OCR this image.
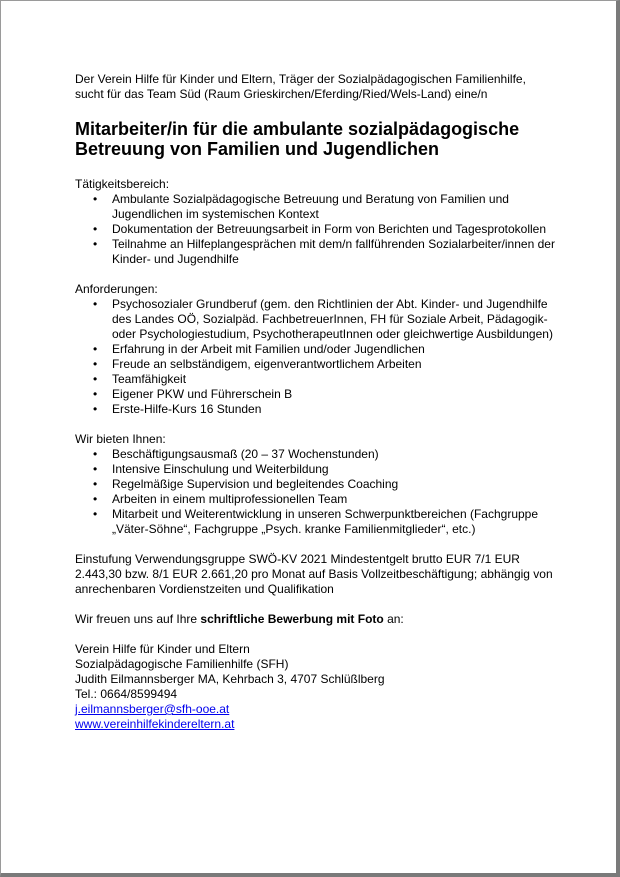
Der Verein Hilfe für Kinder und Eltern, Träger der Sozialpädagogischen Familienhilfe, sucht für das Team Süd (Raum Grieskirchen/Eferding/Ried/Wels-Land) eine/n

Mitarbeiter/in für die ambulante sozialpädagogische Betreuung von Familien und Jugendlichen

Tätigkeitsbereich:

• Ambulante Sozialpädagogische Betreuung und Beratung von Familien und Jugendlichen im systemischen Kontext
• Dokumentation der Betreuungsarbeit in Form von Berichten und Tagesprotokollen
• Teilnahme an Hilfeplangesprächen mit dem/n fallführenden Sozialarbeiter/innen der Kinder- und Jugendhilfe

Anforderungen:

• Psychosozialer Grundberuf (gem. den Richtlinien der Abt. Kinder- und Jugendhilfe des Landes OÖ, Sozialpäd. FachbetreuerInnen, FH für Soziale Arbeit, Pädagogik- oder Psychologiestudium, PsychotherapeutInnen oder gleichwertige Ausbildungen)
• Erfahrung in der Arbeit mit Familien und/oder Jugendlichen
• Freude an selbständigem, eigenverantwortlichem Arbeiten
• Teamfähigkeit
• Eigener PKW und Führerschein B
• Erste-Hilfe-Kurs 16 Stunden

Wir bieten Ihnen:

• Beschäftigungsausmaß (20 – 37 Wochenstunden)
• Intensive Einschulung und Weiterbildung
• Regelmäßige Supervision und begleitendes Coaching
• Arbeiten in einem multiprofessionellen Team
• Mitarbeit und Weiterentwicklung in unseren Schwerpunktbereichen (Fachgruppe „Väter-Söhne“, Fachgruppe „Psych. kranke Familienmitglieder“, etc.)

Einstufung Verwendungsgruppe SWÖ-KV 2021 Mindestentgelt brutto EUR 7/1 EUR 2.443,30 bzw. 8/1 EUR 2.661,20 pro Monat auf Basis Vollzeitbeschäftigung; abhängig von anrechenbaren Vordienstzeiten und Qualifikation

Wir freuen uns auf Ihre schriftliche Bewerbung mit Foto an:

Verein Hilfe für Kinder und Eltern

Sozialpädagogische Familienhilfe (SFH)

Judith Eilmannsberger MA, Kehrbach 3, 4707 Schlüßlberg

Tel.: 0664/8599494

j.eilmannsberger@sfh-ooe.at

www.vereinhilfekindereltern.at
